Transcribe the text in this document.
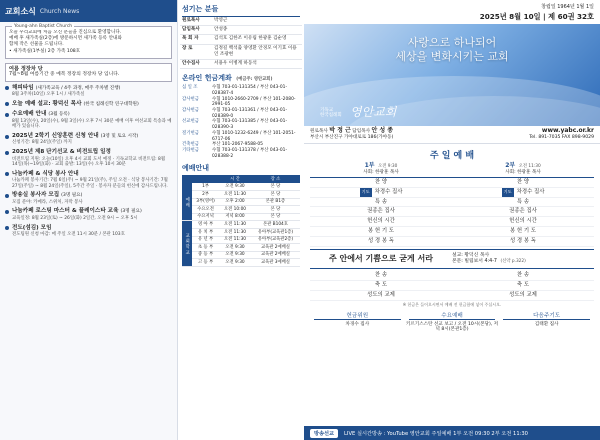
교회소식 Church News
Young-ahn Baptist Church
오늘 우리교회에 처음 오신 분들을 진심으로 환영합니다.
예배 후 새가족실(2층)에 방문하시면 새가족 등록 안내와
함께 작은 선물을 드립니다.
• 새가족실(1부실) 2층 가족 108호
여름 정장차 당
7월~8월 여름기간 중 예복 정장의 정장차 당 입니다.
해피타임 (새가족교육 / 4주 과정, 매주 주차별 진행)
8월 3주차(10일) 오후 1시 / 새가족실
오늘 예배 설교: 황덕신 목사 (한국 침례신학 연구대학원)
수요예배 안내 (3월 등록)
8월 13일(수), 20일(수), 9월 3일(수) 오후 7시 30분 예배 이후 여선교회 특송과 예배가 있습니다.
2025년 2학기 신앙훈련 신청 안내 (3영 및 토요 시작)
신청기간: 8월 24일(주일) 까지
2025년 제8 단기선교 & 비전트립 일정
비전트립 지원: 오늘(10일) 오후 4시 교회 도서 예정 · 기독교학교 비전트립: 8월 14일(목)~19일(화) · 교회 출발: 13일(수) 오후 10시 30분
나눔카페 & 식당 봉사 안내
나눔카페 봉사기간: 7월 6일(주) ~ 9월 21일(주), 주일 오전 · 식당 봉사기간: 7월 27일(주일) ~ 8월 24일(주일), 5주간 주일 · 봉사자 분들의 헌신에 감사드립니다.
방송실 봉사자 모집 (3명 필요)
모집 분야: 카메라, 스위처, 자막 봉사
나눔카페 로스팅 마스터 & 플레이스타 교육 (3명 필요)
교육일정: 8월 23일(토) ~ 26일(화) 2일간, 오전 9시 ~ 오후 5시
전도(섬김) 모임
전도팀원 신청 마감: 매 주일 오전 11시 30분 / 본관 103호
섬기는 분들
원로목사	박영근
담임목사	안성종
목 회 자	김석호 김한조 이유림 한광훈 김순영
장 로	김정길 백석출 양영환 안경모 이기효 이용인 조광현
안수집사	서용우 이병계 하동석
온라인 헌금계좌 (예금주: 영안교회)
십 일 조	수협 703-01-131354 / 부산 043-01-028387-4
감사헌금	수협 1010-2660-2709 / 부산 101-2080-2991-05
감사헌금	수협 703-01-131361 / 부산 043-01-028389-0
선교헌금	수협 703-01-131385 / 부산 043-01-028390-3
절기헌금	수협 1010-1232-6249 / 부산 101-2051-6717-06
건축헌금	부산 101-2067-9588-05
기타헌금	수협 703-01-131378 / 부산 043-01-028388-2
예배안내
		시 간	장 소
예 배	1부	오전 9:30	본 당
	2부	오전 11:30	본 당
	3부(영어)	오후 2:00	본관 B1층
	수요오전	오전 10:00	본 당
	수요저녁	저녁 8:00	본 당
교 회 학 교	영 아 부	오전 11:30	본관 B104호
	유 치 부	오전 11:30	유아부(교육관1층)
	유 년 부	오전 11:30	유아부(교육관2층)
	초 등 부	오전 9:30	교육관 2예배실
	중 등 부	오전 9:30	교육관 2예배실
	고 등 부	오전 9:30	교육관 3예배실
창립일 1964년 1월 1일
2025년 8월 10일 | 제 60권 32호
사랑으로 하나되어
세상을 변화시키는 교회
기독교
한국침례회 영안교회
원로목사 박 정 근 담임목사 안 성 종
부산시 부산진구 가야대로로 186(가야동)
www.yabc.or.kr
Tel. 891-7035 FAX 898-9029
주 일 예 배
1부 오전 9:30
사회: 한광훈 목사
2부 오전 11:30
사회: 한광훈 목사
찬 양	찬 양
기도 차경수 집사	기도 차경수 집사
특 송	특 송
권종은 집사	권종은 집사
헌신의 시간	헌신의 시간
봉 헌 기 도	봉 헌 기 도
성 경 봉 독	성 경 봉 독
주 안에서 기쁨으로 굳게 서라	설교: 황덕신 목사
본문: 빌립보서 4:4-7 (신약 p.322)
찬 송	찬 송
축 도	축 도
성도의 교제	성도의 교제
※ 헌금은 들어오시면서 예배 전 헌금함에 넣어 주십시오.
헌금위원
차경수 집사
수요예배
키르기스스탄 선교 보고 / 오전 10시(본당), 저녁 8시(본관1층)
다음주기도
김태환 집사
방송선교	LIVE 실시간방송 : YouTube 영안교회 주일예배 1부 오전 09:30 2부 오전 11:30
